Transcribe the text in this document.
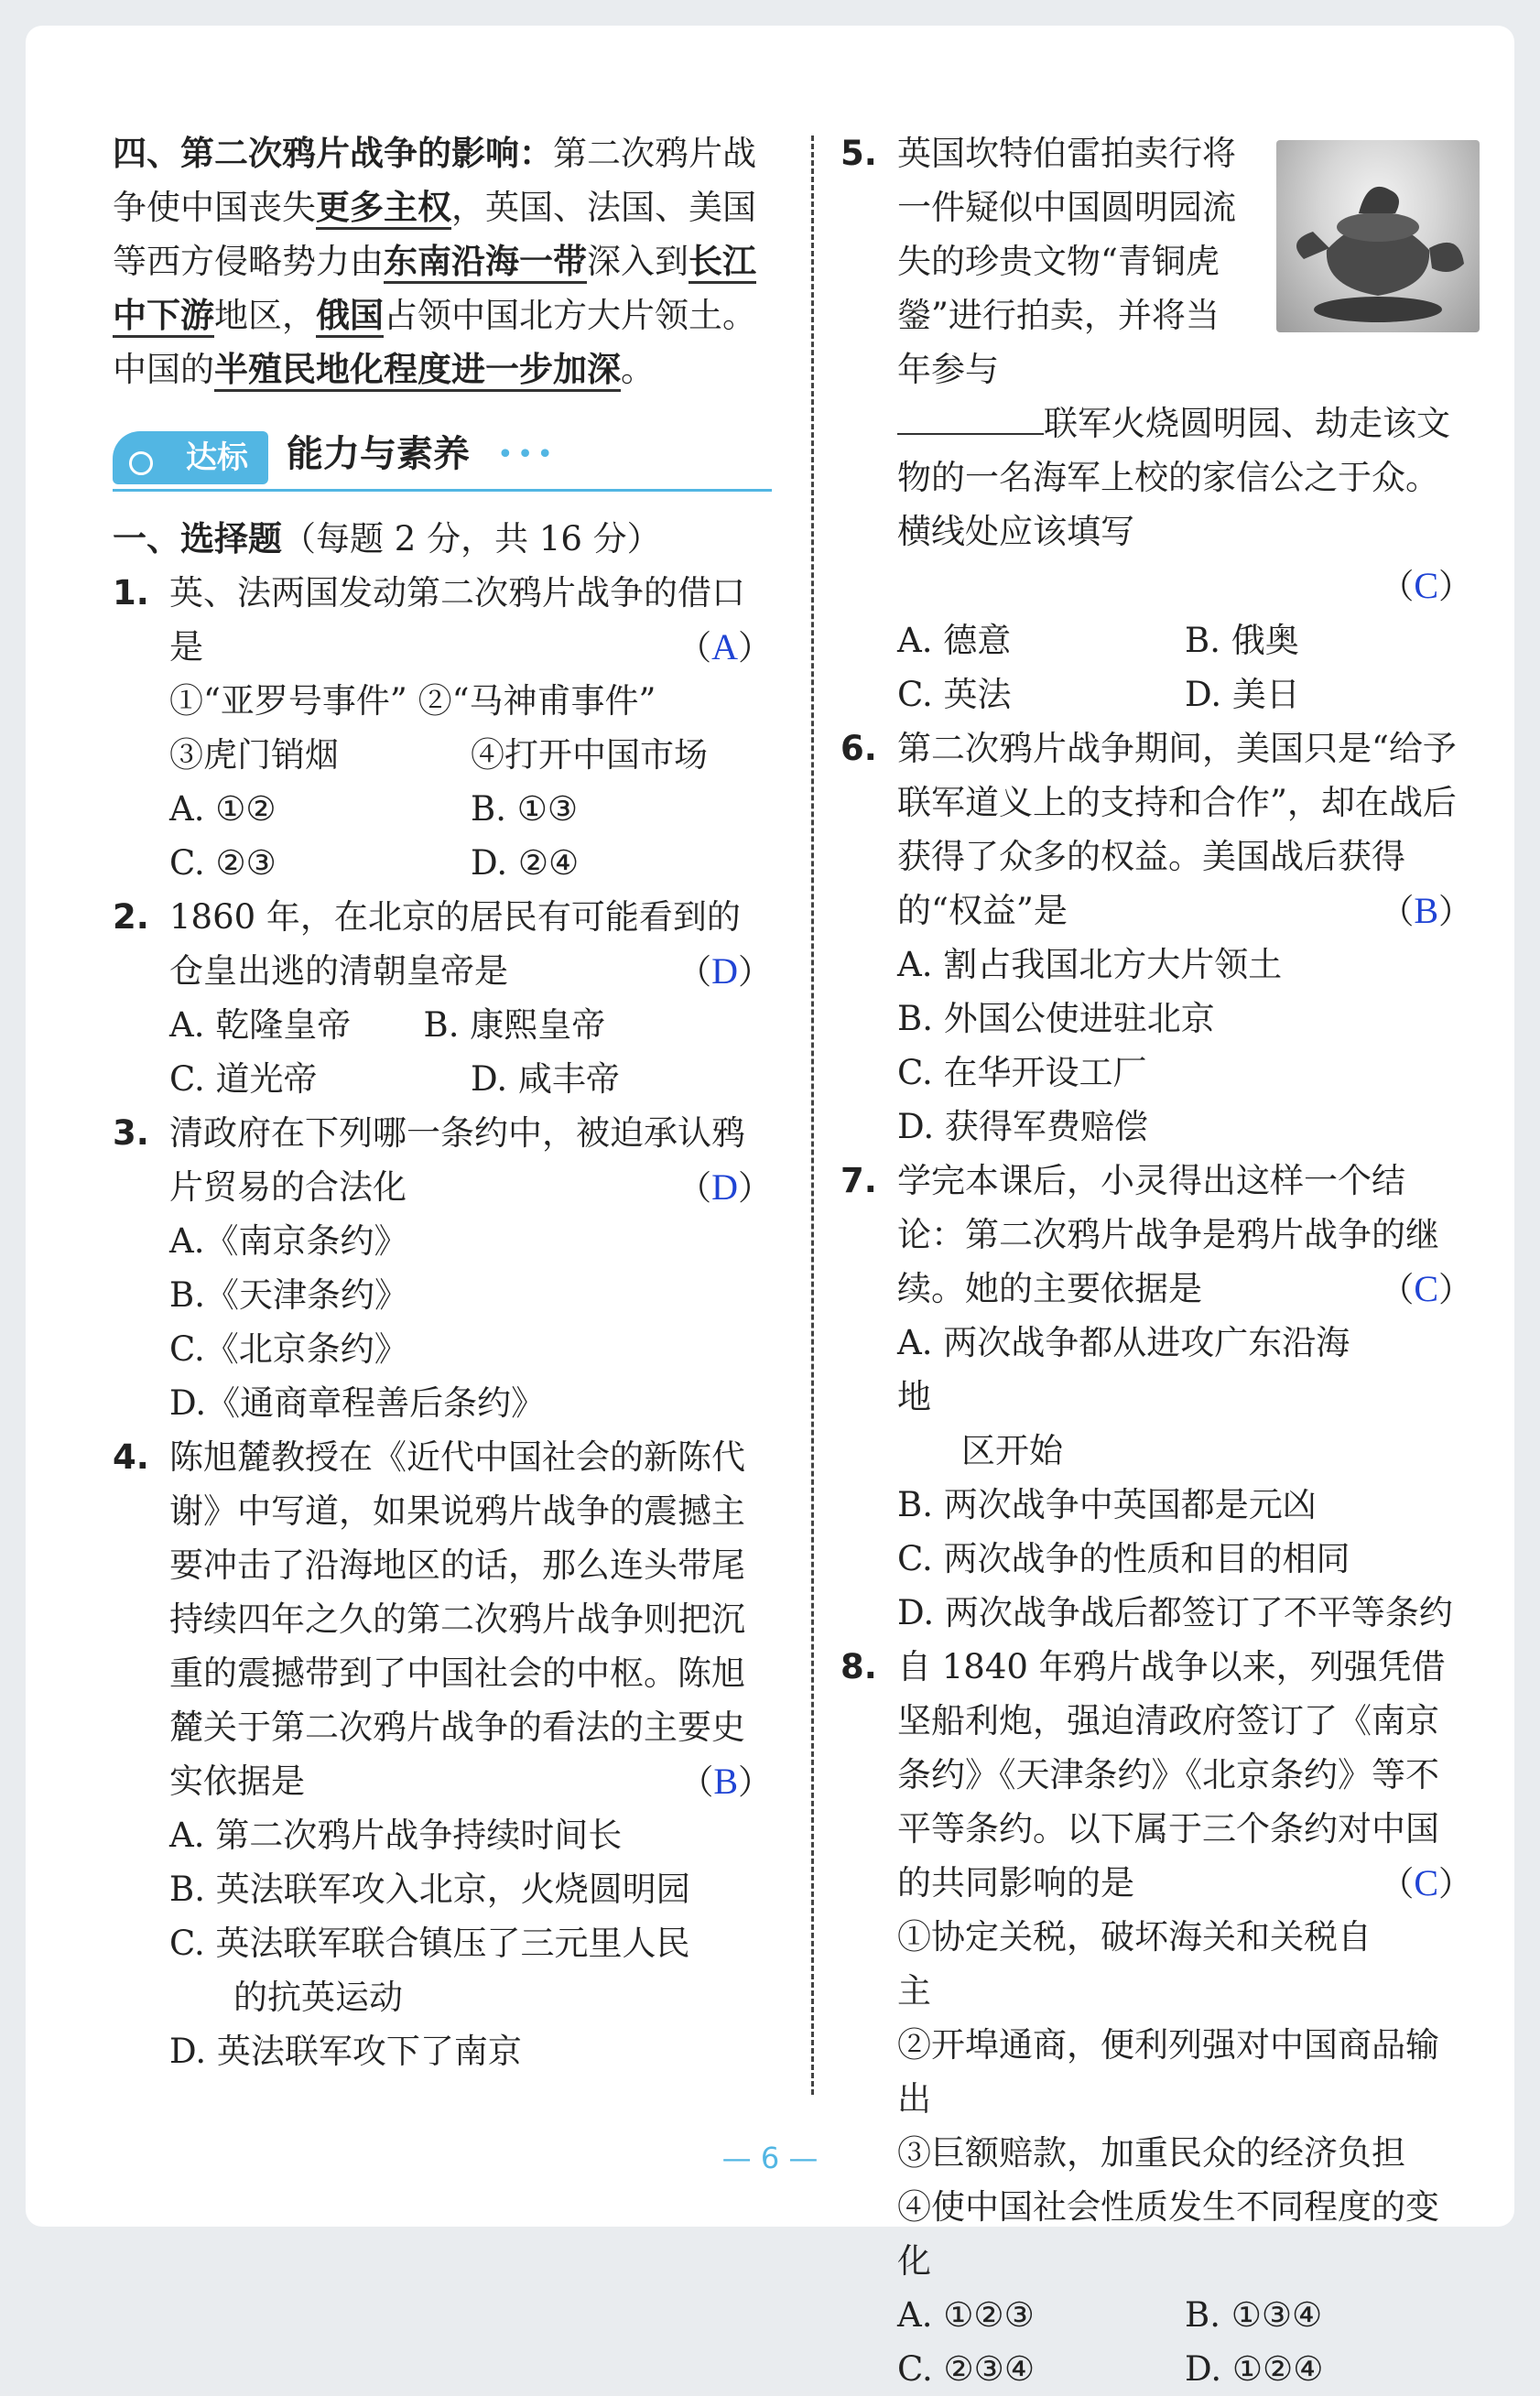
四、第二次鸦片战争的影响：第二次鸦片战争使中国丧失更多主权，英国、法国、美国等西方侵略势力由东南沿海一带深入到长江中下游地区，俄国占领中国北方大片领土。中国的半殖民地化程度进一步加深。

达标	能力与素养 •••

一、选择题（每题 2 分，共 16 分）

1. 英、法两国发动第二次鸦片战争的借口是	（A）
①“亚罗号事件” ②“马神甫事件”
③虎门销烟	④打开中国市场
A. ①②	B. ①③
C. ②③	D. ②④
2. 1860 年，在北京的居民有可能看到的仓皇出逃的清朝皇帝是	（D）
A. 乾隆皇帝	B. 康熙皇帝
C. 道光帝	D. 咸丰帝
3. 清政府在下列哪一条约中，被迫承认鸦片贸易的合法化	（D）
A.《南京条约》
B.《天津条约》
C.《北京条约》
D.《通商章程善后条约》
4. 陈旭麓教授在《近代中国社会的新陈代谢》中写道，如果说鸦片战争的震撼主要冲击了沿海地区的话，那么连头带尾持续四年之久的第二次鸦片战争则把沉重的震撼带到了中国社会的中枢。陈旭麓关于第二次鸦片战争的看法的主要史实依据是	（B）
A. 第二次鸦片战争持续时间长
B. 英法联军攻入北京，火烧圆明园
C. 英法联军联合镇压了三元里人民
的抗英运动
D. 英法联军攻下了南京
5. 英国坎特伯雷拍卖行将一件疑似中国圆明园流失的珍贵文物“青铜虎鎣”进行拍卖，并将当年参与
联军火烧圆明园、劫走该文物的一名海军上校的家信公之于众。横线处应该填写
（C）
A. 德意	B. 俄奥
C. 英法	D. 美日
6. 第二次鸦片战争期间，美国只是“给予联军道义上的支持和合作”，却在战后获得了众多的权益。美国战后获得的“权益”是	（B）
A. 割占我国北方大片领土
B. 外国公使进驻北京
C. 在华开设工厂
D. 获得军费赔偿
7. 学完本课后，小灵得出这样一个结论：第二次鸦片战争是鸦片战争的继续。她的主要依据是	（C）
A. 两次战争都从进攻广东沿海地
区开始
B. 两次战争中英国都是元凶
C. 两次战争的性质和目的相同
D. 两次战争战后都签订了不平等条约
8. 自 1840 年鸦片战争以来，列强凭借坚船利炮，强迫清政府签订了《南京条约》《天津条约》《北京条约》等不平等条约。以下属于三个条约对中国的共同影响的是	（C）
①协定关税，破坏海关和关税自主
②开埠通商，便利列强对中国商品输出
③巨额赔款，加重民众的经济负担
④使中国社会性质发生不同程度的变化
A. ①②③	B. ①③④
C. ②③④	D. ①②④
— 6 —
